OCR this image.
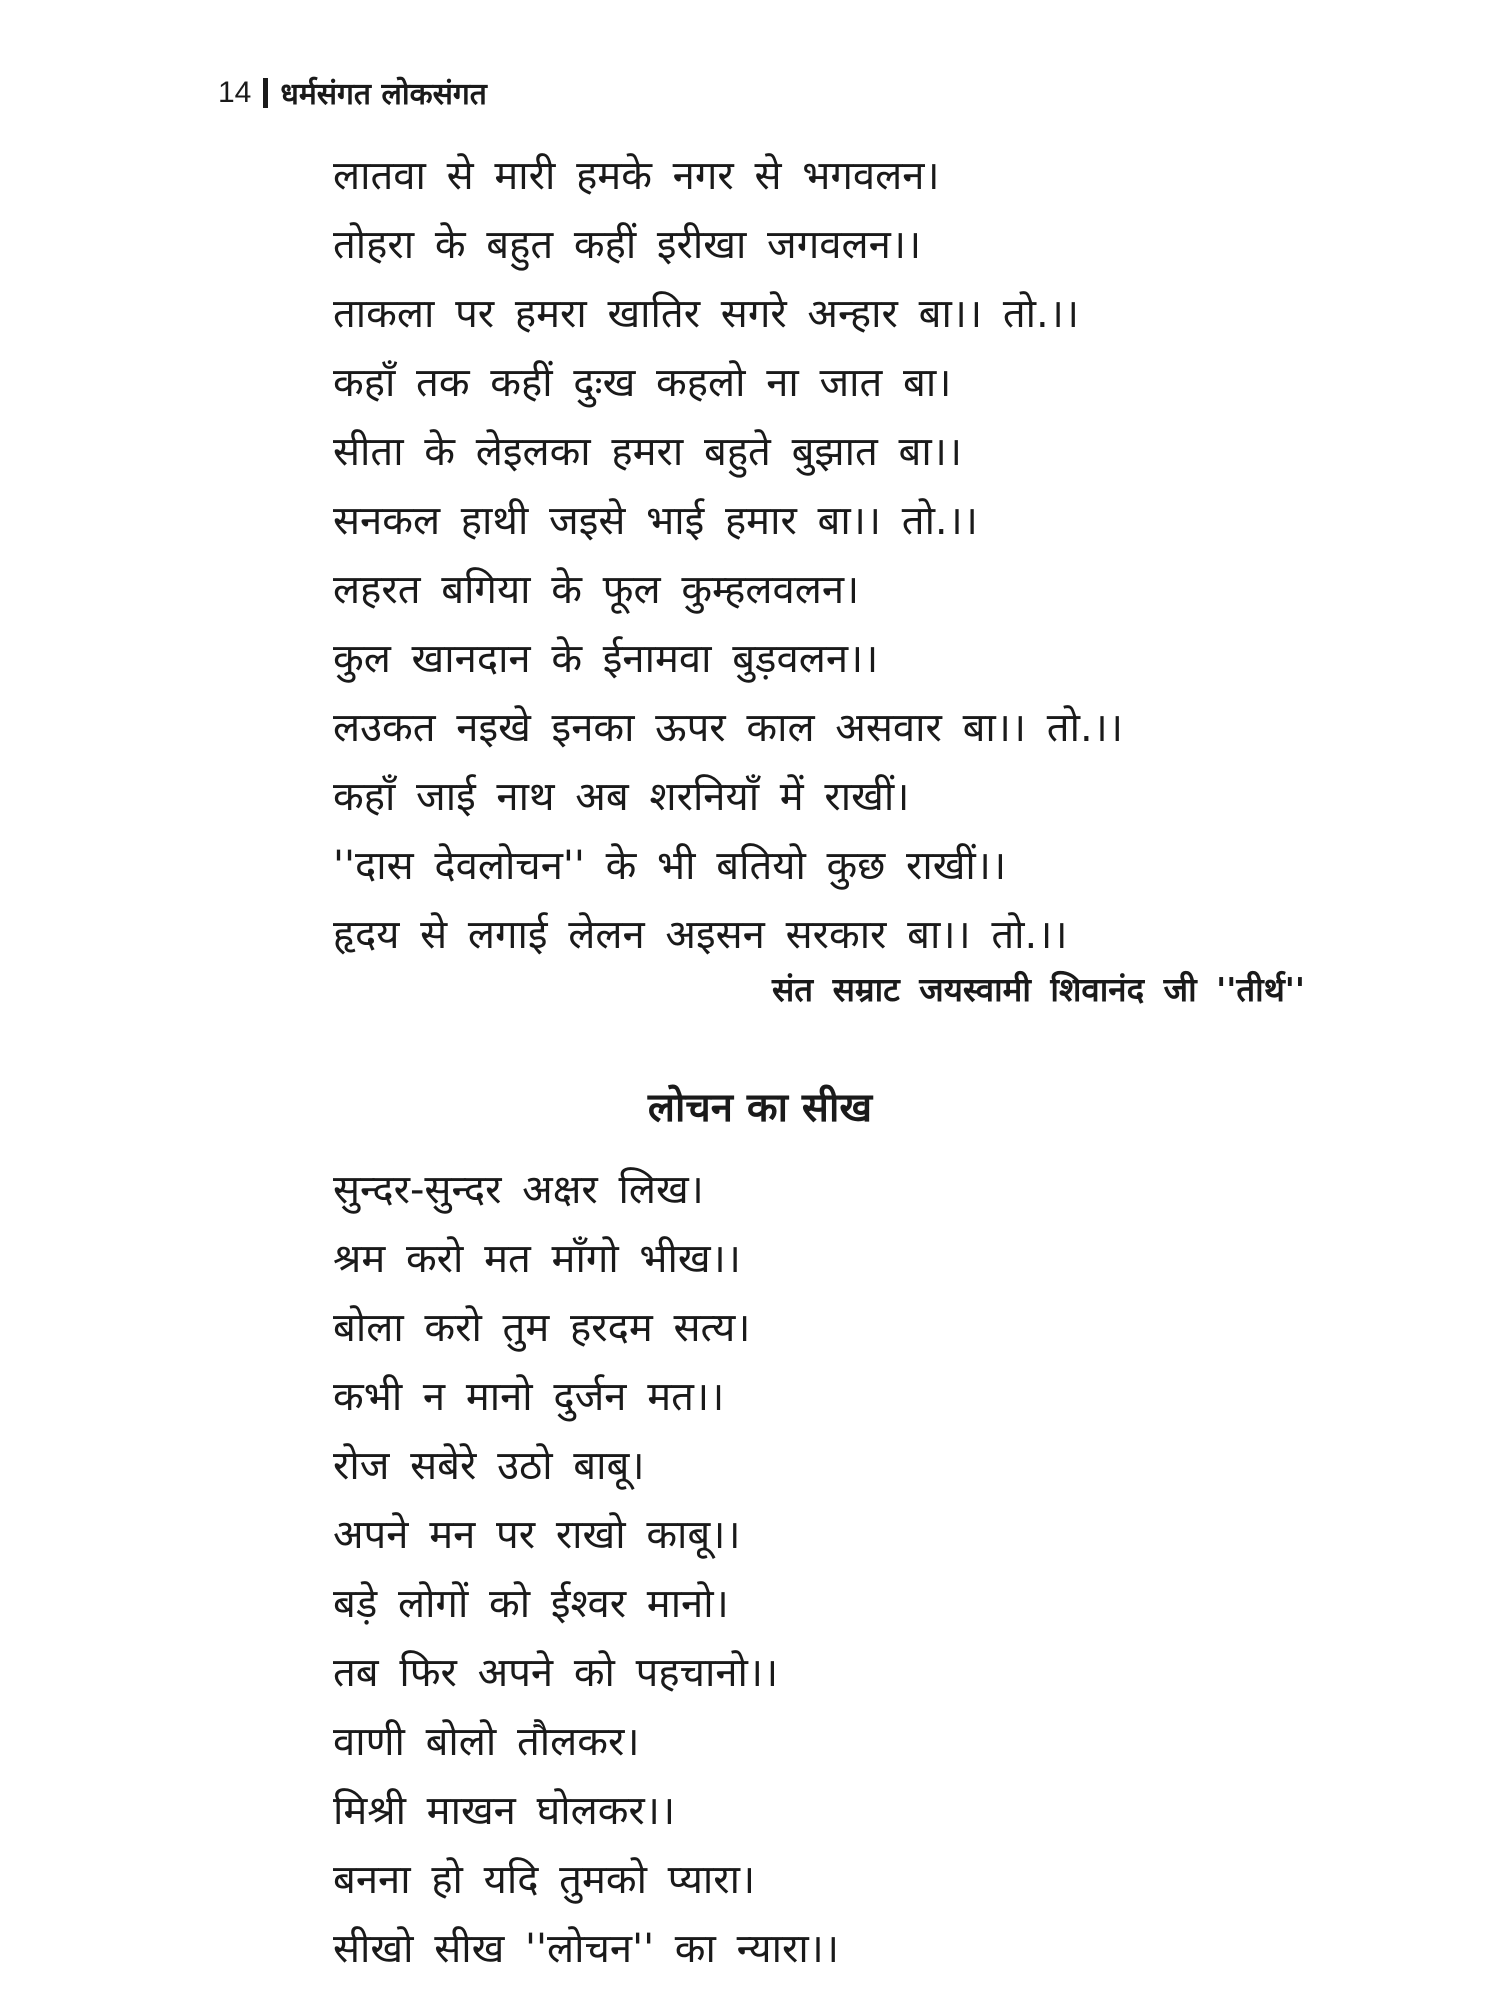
14 धर्मसंगत लोकसंगत
लातवा से मारी हमके नगर से भगवलन।
तोहरा के बहुत कहीं इरीखा जगवलन।।
ताकला पर हमरा खातिर सगरे अन्हार बा।। तो.।।
कहाँ तक कहीं दुःख कहलो ना जात बा।
सीता के लेइलका हमरा बहुते बुझात बा।।
सनकल हाथी जइसे भाई हमार बा।। तो.।।
लहरत बगिया के फूल कुम्हलवलन।
कुल खानदान के ईनामवा बुड़वलन।।
लउकत नइखे इनका ऊपर काल असवार बा।। तो.।।
कहाँ जाई नाथ अब शरनियाँ में राखीं।
''दास देवलोचन'' के भी बतियो कुछ राखीं।।
हृदय से लगाई लेलन अइसन सरकार बा।। तो.।।
संत सम्राट जयस्वामी शिवानंद जी ''तीर्थ''
लोचन का सीख
सुन्दर-सुन्दर अक्षर लिख।
श्रम करो मत माँगो भीख।।
बोला करो तुम हरदम सत्य।
कभी न मानो दुर्जन मत।।
रोज सबेरे उठो बाबू।
अपने मन पर राखो काबू।।
बड़े लोगों को ईश्वर मानो।
तब फिर अपने को पहचानो।।
वाणी बोलो तौलकर।
मिश्री माखन घोलकर।।
बनना हो यदि तुमको प्यारा।
सीखो सीख ''लोचन'' का न्यारा।।
